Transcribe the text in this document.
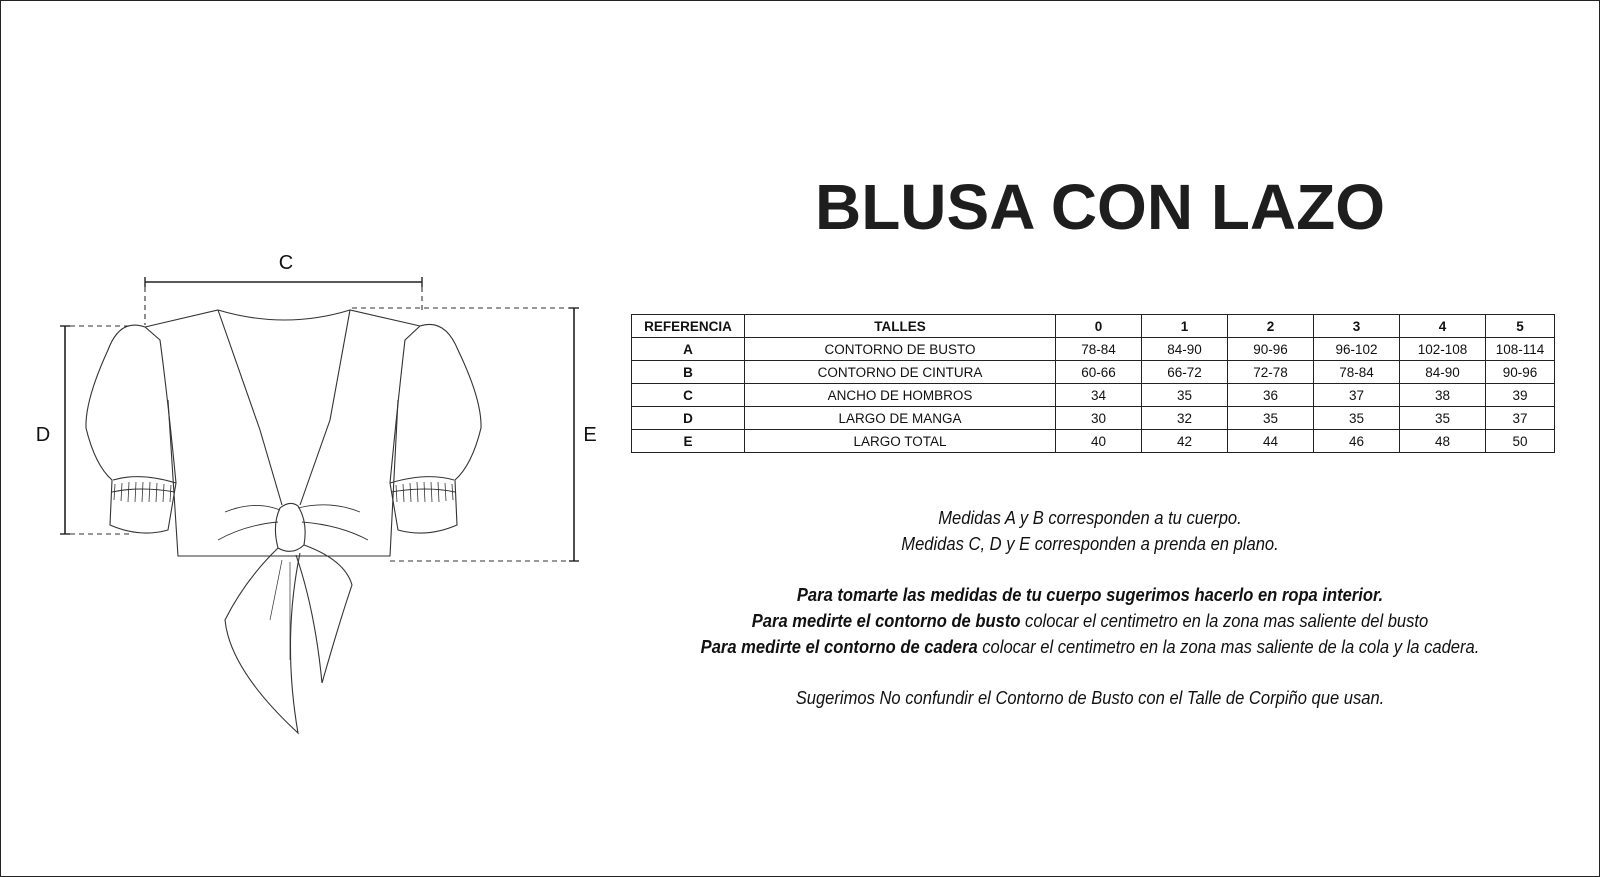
BLUSA CON LAZO
C
D	E
REFERENCIA	TALLES	0	1	2	3	4	5
A	CONTORNO DE BUSTO	78-84	84-90	90-96	96-102	102-108	108-114
B	CONTORNO DE CINTURA	60-66	66-72	72-78	78-84	84-90	90-96
C	ANCHO DE HOMBROS	34	35	36	37	38	39
D	LARGO DE MANGA	30	32	35	35	35	37
E	LARGO TOTAL	40	42	44	46	48	50

Medidas A y B corresponden a tu cuerpo.

Medidas C, D y E corresponden a prenda en plano.

Para tomarte las medidas de tu cuerpo sugerimos hacerlo en ropa interior.

Para medirte el contorno de busto colocar el centimetro en la zona mas saliente del busto

Para medirte el contorno de cadera colocar el centimetro en la zona mas saliente de la cola y la cadera.

Sugerimos No confundir el Contorno de Busto con el Talle de Corpiño que usan.
